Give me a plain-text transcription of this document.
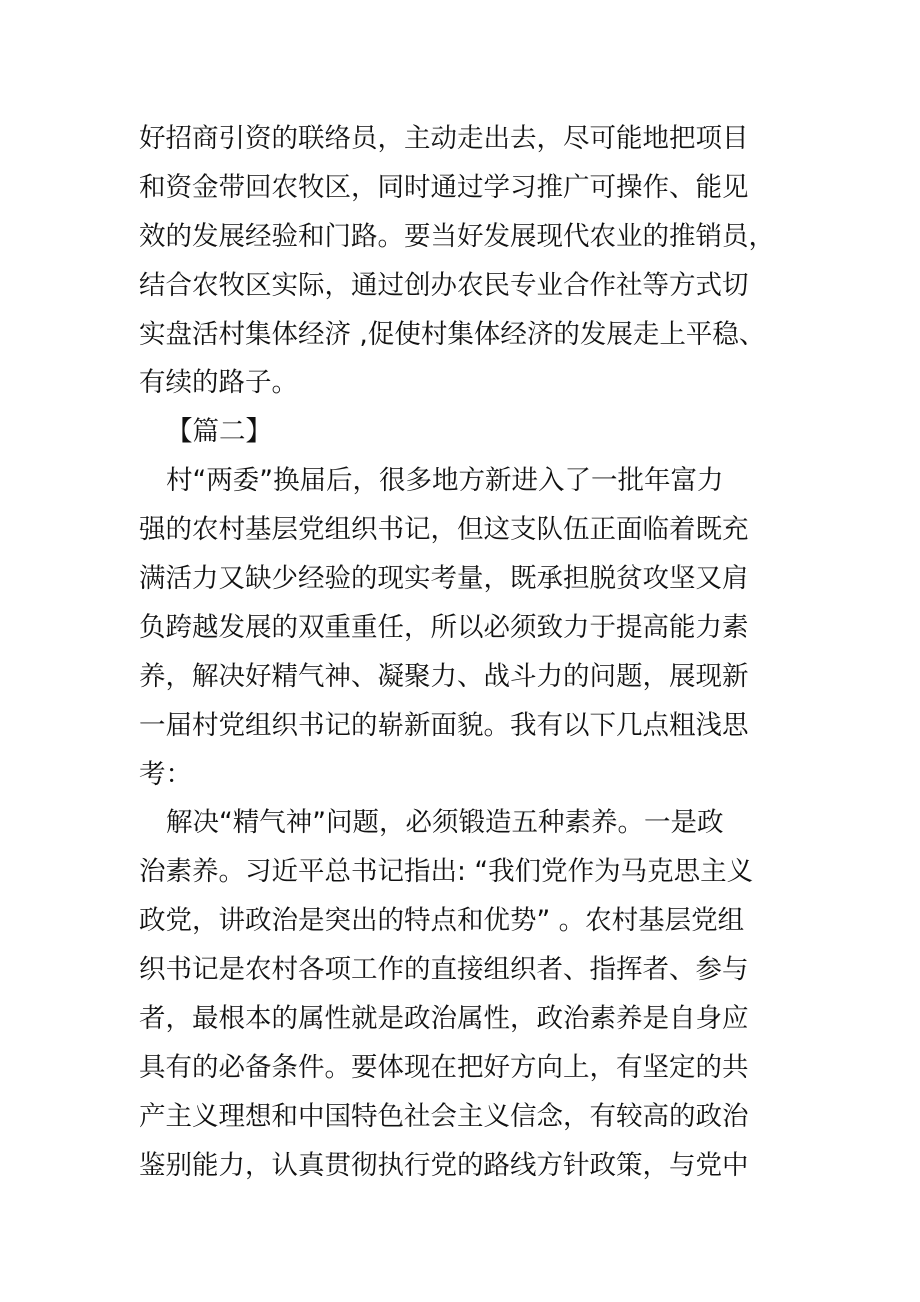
好招商引资的联络员，主动走出去，尽可能地把项目
和资金带回农牧区，同时通过学习推广可操作、能见
效的发展经验和门路。要当好发展现代农业的推销员，
结合农牧区实际，通过创办农民专业合作社等方式切
实盘活村集体经济 ,促使村集体经济的发展走上平稳、
有续的路子。
【篇二】
村“两委”换届后，很多地方新进入了一批年富力
强的农村基层党组织书记，但这支队伍正面临着既充
满活力又缺少经验的现实考量，既承担脱贫攻坚又肩
负跨越发展的双重重任，所以必须致力于提高能力素
养，解决好精气神、凝聚力、战斗力的问题，展现新
一届村党组织书记的崭新面貌。我有以下几点粗浅思
考：
解决“精气神”问题，必须锻造五种素养。一是政
治素养。习近平总书记指出: “我们党作为马克思主义
政党，讲政治是突出的特点和优势” 。农村基层党组
织书记是农村各项工作的直接组织者、指挥者、参与
者，最根本的属性就是政治属性，政治素养是自身应
具有的必备条件。要体现在把好方向上，有坚定的共
产主义理想和中国特色社会主义信念，有较高的政治
鉴别能力，认真贯彻执行党的路线方针政策，与党中
